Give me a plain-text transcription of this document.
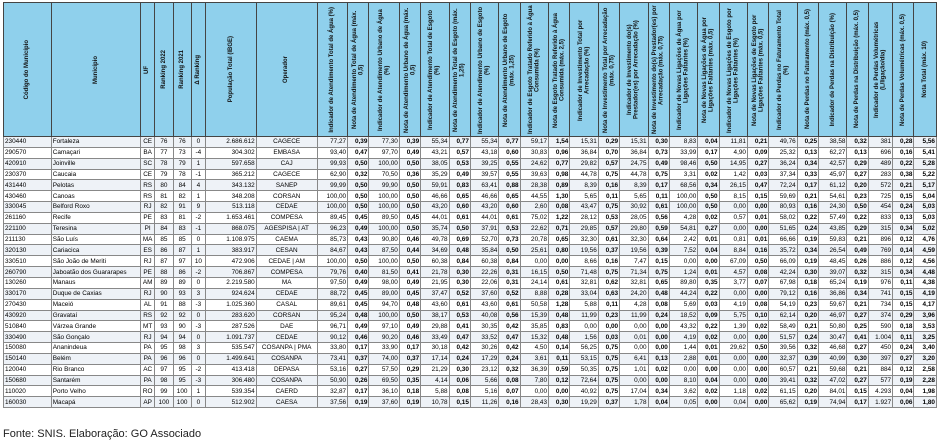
Código do Município	Município	UF	Ranking 2022	Ranking 2021	Δ Ranking	População Total (IBGE)	Operador	Indicador de Atendimento Total de Água (%)	Nota de Atendimento Total de Água (máx. 0,5)	Indicador de Atendimento Urbano de Água (%)	Nota de Atendimento Urbano de Água (máx. 0,5)	Indicador de Atendimento Total de Esgoto (%)	Nota de Atendimento Total de Esgoto (máx. 1,25)	Indicador de Atendimento Urbano de Esgoto (%)	Nota de Atendimento Urbano de Esgoto (máx. 1,25)	Indicador de Esgoto Tratado Referido à Água Consumida (%)	Nota de Esgoto Tratado Referido à Água Consumida (máx. 2,5)	Indicador de Investimento Total por Arrecadação (%)	Nota de Investimento Total por Arrecadação (máx. 0,75)	Indicador de Investimento do(s) Prestador(es) por Arrecadação (%)	Nota de Investimento do(s) Prestador(es) por Arrecadação (máx. 0,75)	Indicador de Novas Ligações de Água por Ligações Faltantes (%)	Nota de Novas Ligações de Água por Ligações Faltantes (máx. 0,5)	Indicador de Novas Ligações de Esgoto por Ligações Faltantes (%)	Nota de Novas Ligações de Esgoto por Ligações Faltantes (máx. 0,5)	Indicador de Perdas no Faturamento Total (%)	Nota de Perdas no Faturamento (máx. 0,5)	Indicador de Perdas na Distribuição (%)	Nota de Perdas na Distribuição (máx. 0,5)	Indicador de Perdas Volumétricas (L/ligação/dia)	Nota de Perdas Volumétricas (máx. 0,5)	Nota Total (máx. 10)

230440	Fortaleza	CE	76	76	0	2.686.612	CAGECE	77,27	0,39	77,30	0,39	55,34	0,77	55,34	0,77	59,17	1,54	15,31	0,29	15,31	0,30	8,83	0,04	11,81	0,21	49,76	0,25	38,58	0,32	381	0,28	5,56
290570	Camaçari	BA	77	73	-4	304.302	EMBASA	93,40	0,47	97,70	0,49	43,21	0,57	43,18	0,60	30,83	0,96	36,84	0,70	36,84	0,73	33,99	0,17	4,90	0,09	25,32	0,13	62,27	0,13	696	0,16	5,41
420910	Joinville	SC	78	79	1	597.658	CAJ	99,93	0,50	100,00	0,50	38,05	0,53	39,25	0,55	24,62	0,77	29,82	0,57	24,75	0,49	98,46	0,50	14,95	0,27	36,24	0,34	42,57	0,29	489	0,22	5,28
230370	Caucaia	CE	79	78	-1	365.212	CAGECE	62,90	0,32	70,50	0,36	35,29	0,49	39,57	0,55	39,63	0,98	44,78	0,75	44,78	0,75	3,31	0,02	1,42	0,03	37,34	0,33	45,97	0,27	283	0,38	5,22
431440	Pelotas	RS	80	84	4	343.132	SANEP	99,99	0,50	99,90	0,50	59,91	0,83	63,41	0,88	28,38	0,89	8,39	0,16	8,39	0,17	68,56	0,34	26,15	0,47	72,24	0,17	61,12	0,20	572	0,21	5,17
430460	Canoas	RS	81	82	1	348.208	CORSAN	100,00	0,50	100,00	0,50	46,66	0,65	46,66	0,65	44,55	1,30	5,65	0,11	5,65	0,11	100,00	0,50	8,15	0,15	59,69	0,21	54,61	0,23	725	0,15	5,04
330045	Belford Roxo	RJ	82	91	9	513.118	CEDAE	100,00	0,50	100,00	0,50	43,20	0,60	43,20	0,60	2,60	0,08	43,47	0,75	30,92	0,61	100,00	0,50	0,00	0,00	80,93	0,16	24,30	0,50	454	0,24	5,03
261160	Recife	PE	83	81	-2	1.653.461	COMPESA	89,45	0,45	89,50	0,45	44,01	0,61	44,01	0,61	75,02	1,22	28,12	0,53	28,05	0,56	4,28	0,02	0,57	0,01	58,02	0,22	57,49	0,22	833	0,13	5,03
221100	Teresina	PI	84	83	-1	868.075	AGESPISA | AT	96,23	0,49	100,00	0,50	35,74	0,50	37,91	0,53	22,62	0,71	29,85	0,57	29,80	0,59	54,81	0,27	0,00	0,00	51,65	0,24	43,85	0,29	315	0,34	5,02
211130	São Luís	MA	85	85	0	1.108.975	CAEMA	85,73	0,43	90,80	0,46	49,78	0,69	52,70	0,73	20,78	0,65	32,30	0,61	32,30	0,64	2,42	0,01	0,81	0,01	66,66	0,19	59,83	0,21	896	0,12	4,76
320130	Cariacica	ES	86	87	1	383.917	CESAN	84,67	0,43	87,50	0,44	34,69	0,48	35,84	0,50	25,61	0,80	19,56	0,37	19,56	0,39	7,52	0,04	8,84	0,16	35,72	0,34	26,54	0,49	769	0,14	4,59
330510	São João de Meriti	RJ	87	97	10	472.906	CEDAE | AM	100,00	0,50	100,00	0,50	60,38	0,84	60,38	0,84	0,00	0,00	8,66	0,16	7,47	0,15	0,00	0,00	67,09	0,50	66,09	0,19	48,45	0,26	886	0,12	4,56
260790	Jaboatão dos Guararapes	PE	88	86	-2	706.867	COMPESA	79,76	0,40	81,50	0,41	21,78	0,30	22,26	0,31	16,15	0,50	71,48	0,75	71,34	0,75	1,24	0,01	4,57	0,08	42,24	0,30	39,07	0,32	315	0,34	4,48
130260	Manaus	AM	89	89	0	2.219.580	MA	97,50	0,49	98,00	0,49	21,95	0,30	22,06	0,31	24,14	0,61	32,81	0,62	32,81	0,65	89,80	0,35	3,77	0,07	67,98	0,18	65,24	0,19	976	0,11	4,38
330170	Duque de Caxias	RJ	90	93	3	924.624	CEDAE	88,72	0,45	89,00	0,45	37,47	0,52	37,60	0,52	8,88	0,28	33,04	0,63	24,20	0,48	44,24	0,22	0,00	0,00	79,12	0,16	36,86	0,34	741	0,15	4,19
270430	Maceió	AL	91	88	-3	1.025.360	CASAL	89,61	0,45	94,70	0,48	43,60	0,61	43,60	0,61	50,58	1,28	5,88	0,11	4,28	0,08	5,69	0,03	4,19	0,08	54,19	0,23	59,67	0,21	734	0,15	4,17
430920	Gravataí	RS	92	92	0	283.620	CORSAN	95,24	0,48	100,00	0,50	38,17	0,53	40,08	0,56	15,39	0,48	11,99	0,23	11,99	0,24	18,52	0,09	5,75	0,10	62,14	0,20	46,97	0,27	374	0,29	3,96
510840	Várzea Grande	MT	93	90	-3	287.526	DAE	96,71	0,49	97,10	0,49	29,88	0,41	30,35	0,42	35,85	0,83	0,00	0,00	0,00	0,00	43,32	0,22	1,39	0,02	58,49	0,21	50,80	0,25	590	0,18	3,53
330490	São Gonçalo	RJ	94	94	0	1.091.737	CEDAE	90,12	0,46	90,20	0,46	33,49	0,47	33,52	0,47	15,32	0,48	1,56	0,03	0,01	0,00	4,19	0,02	0,00	0,00	51,57	0,24	30,47	0,41	1.004	0,11	3,25
150080	Ananindeua	PA	95	98	3	535.547	COSANPA | PMA	33,80	0,17	33,90	0,17	30,18	0,42	30,26	0,42	4,50	0,14	56,25	0,75	0,00	0,00	1,44	0,01	29,62	0,50	39,56	0,32	46,68	0,27	450	0,24	3,40
150140	Belém	PA	96	96	0	1.499.641	COSANPA	73,41	0,37	74,00	0,37	17,14	0,24	17,29	0,24	3,61	0,11	53,15	0,75	6,41	0,13	2,88	0,01	0,00	0,00	32,37	0,39	40,99	0,30	397	0,27	3,20
120040	Rio Branco	AC	97	95	-2	413.418	DEPASA	53,16	0,27	57,50	0,29	21,29	0,30	23,12	0,32	36,39	0,59	50,35	0,75	1,01	0,02	0,00	0,00	0,00	0,00	60,57	0,21	59,68	0,21	884	0,12	2,58
150680	Santarém	PA	98	95	-3	306.480	COSANPA	50,90	0,26	69,50	0,35	4,14	0,06	5,66	0,08	7,80	0,12	72,64	0,75	0,00	0,00	8,10	0,04	0,00	0,00	39,41	0,32	47,02	0,27	577	0,19	2,28
110020	Porto Velho	RO	99	100	1	539.354	CAERD	32,87	0,17	36,10	0,18	5,88	0,08	5,16	0,07	0,00	0,00	40,92	0,75	17,04	0,34	3,62	0,02	1,18	0,02	61,15	0,20	84,01	0,15	4.293	0,04	1,98
160030	Macapá	AP	100	100	0	512.902	CAESA	37,56	0,19	37,60	0,19	10,78	0,15	11,26	0,16	28,43	0,30	19,29	0,37	1,78	0,04	0,05	0,00	0,04	0,00	65,62	0,19	74,94	0,17	1.927	0,06	1,80
Fonte: SNIS. Elaboração: GO Associado
